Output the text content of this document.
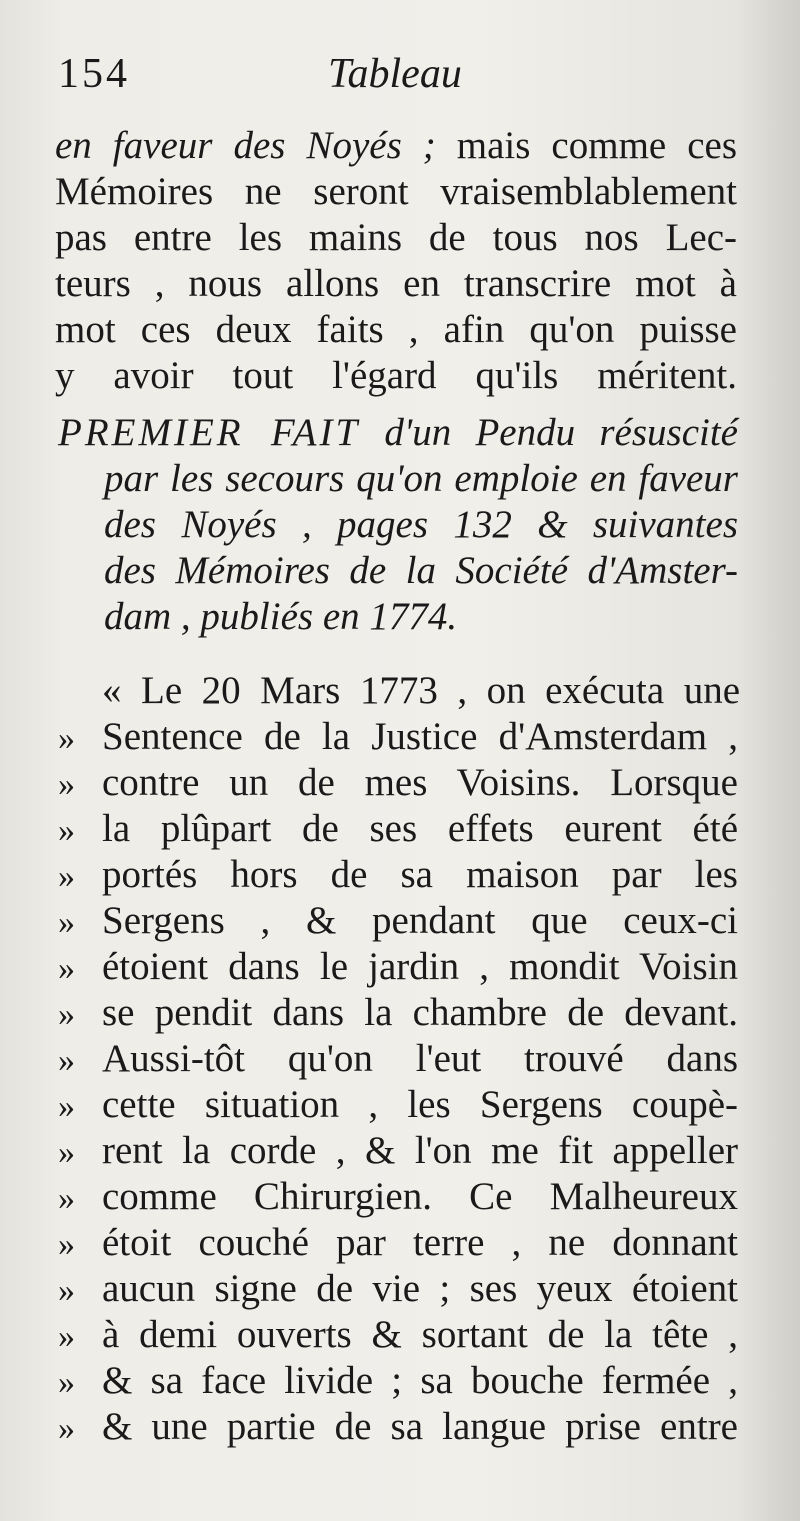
154	Tableau
en faveur des Noyés ; mais comme ces
Mémoires ne seront vraisemblablement
pas entre les mains de tous nos Lec-
teurs , nous allons en transcrire mot à
mot ces deux faits , afin qu'on puisse
y avoir tout l'égard qu'ils méritent.
PREMIER FAIT d'un Pendu résuscité
par les secours qu'on emploie en faveur
des Noyés , pages 132 & suivantes
des Mémoires de la Société d'Amster-
dam , publiés en 1774.
« Le 20 Mars 1773 , on exécuta une
» Sentence de la Justice d'Amsterdam ,
» contre un de mes Voisins. Lorsque
» la plûpart de ses effets eurent été
» portés hors de sa maison par les
» Sergens , & pendant que ceux-ci
» étoient dans le jardin , mondit Voisin
» se pendit dans la chambre de devant.
» Aussi-tôt qu'on l'eut trouvé dans
» cette situation , les Sergens coupè-
» rent la corde , & l'on me fit appeller
» comme Chirurgien. Ce Malheureux
» étoit couché par terre , ne donnant
» aucun signe de vie ; ses yeux étoient
» à demi ouverts & sortant de la tête ,
» & sa face livide ; sa bouche fermée ,
» & une partie de sa langue prise entre
